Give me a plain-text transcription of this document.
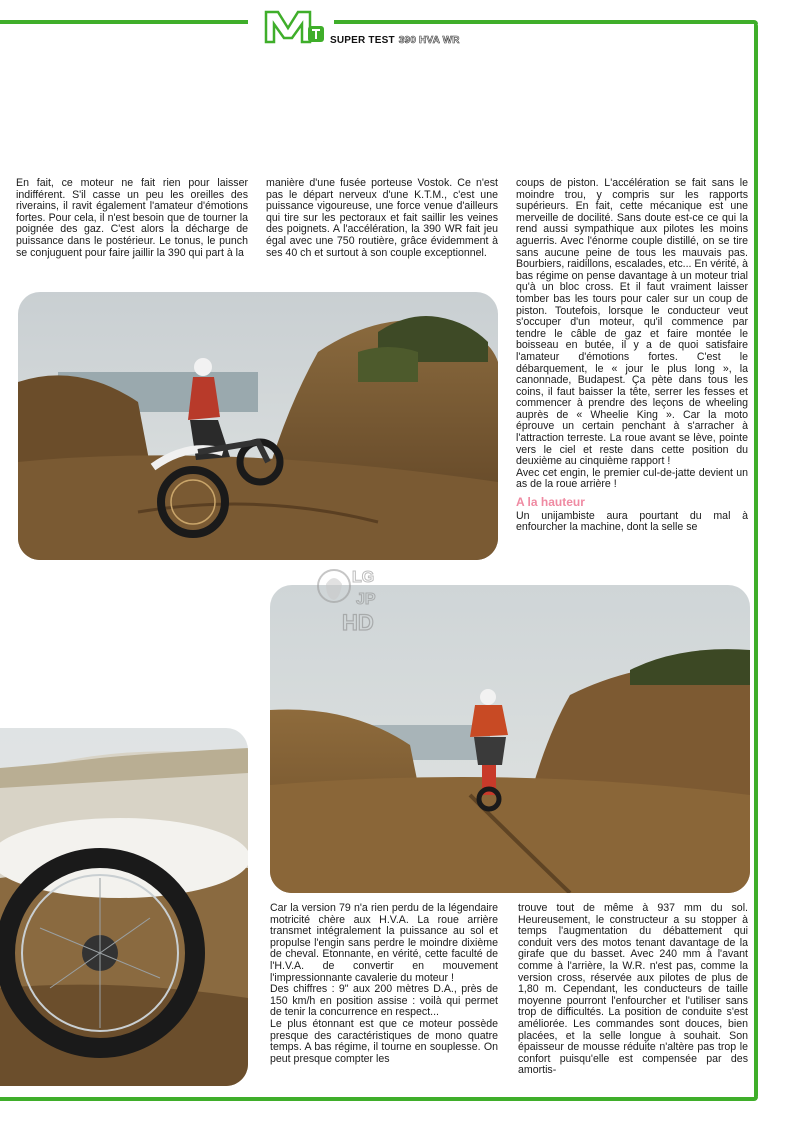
SUPER TEST 390 HVA WR

En fait, ce moteur ne fait rien pour laisser indifférent. S'il casse un peu les oreilles des riverains, il ravit également l'amateur d'émotions fortes. Pour cela, il n'est besoin que de tourner la poignée des gaz. C'est alors la décharge de puissance dans le postérieur. Le tonus, le punch se conjuguent pour faire jaillir la 390 qui part à la

manière d'une fusée porteuse Vostok. Ce n'est pas le départ nerveux d'une K.T.M., c'est une puissance vigoureuse, une force venue d'ailleurs qui tire sur les pectoraux et fait saillir les veines des poignets. A l'accélération, la 390 WR fait jeu égal avec une 750 routière, grâce évidemment à ses 40 ch et surtout à son couple exceptionnel.

coups de piston. L'accélération se fait sans le moindre trou, y compris sur les rapports supérieurs. En fait, cette mécanique est une merveille de docilité. Sans doute est-ce ce qui la rend aussi sympathique aux pilotes les moins aguerris. Avec l'énorme couple distillé, on se tire sans aucune peine de tous les mauvais pas. Bourbiers, raidillons, escalades, etc... En vérité, à bas régime on pense davantage à un moteur trial qu'à un bloc cross. Et il faut vraiment laisser tomber bas les tours pour caler sur un coup de piston. Toutefois, lorsque le conducteur veut s'occuper d'un moteur, qu'il commence par tendre le câble de gaz et faire montée le boisseau en butée, il y a de quoi satisfaire l'amateur d'émotions fortes. C'est le débarquement, le « jour le plus long », la canonnade, Budapest. Ça pète dans tous les coins, il faut baisser la tête, serrer les fesses et commencer à prendre des leçons de wheeling auprès de « Wheelie King ». Car la moto éprouve un certain penchant à s'arracher à l'attraction terreste. La roue avant se lève, pointe vers le ciel et reste dans cette position du deuxième au cinquième rapport !

Avec cet engin, le premier cul-de-jatte devient un as de la roue arrière !

A la hauteur

Un unijambiste aura pourtant du mal à enfourcher la machine, dont la selle se

Car la version 79 n'a rien perdu de la légendaire motricité chère aux H.V.A. La roue arrière transmet intégralement la puissance au sol et propulse l'engin sans perdre le moindre dixième de cheval. Etonnante, en vérité, cette faculté de l'H.V.A. de convertir en mouvement l'impressionnante cavalerie du moteur !

Des chiffres : 9" aux 200 mètres D.A., près de 150 km/h en position assise : voilà qui permet de tenir la concurrence en respect...

Le plus étonnant est que ce moteur possède presque des caractéristiques de mono quatre temps. A bas régime, il tourne en souplesse. On peut presque compter les

trouve tout de même à 937 mm du sol. Heureusement, le constructeur a su stopper à temps l'augmentation du débattement qui conduit vers des motos tenant davantage de la girafe que du basset. Avec 240 mm à l'avant comme à l'arrière, la W.R. n'est pas, comme la version cross, réservée aux pilotes de plus de 1,80 m. Cependant, les conducteurs de taille moyenne pourront l'enfourcher et l'utiliser sans trop de difficultés. La position de conduite s'est améliorée. Les commandes sont douces, bien placées, et la selle longue à souhait. Son épaisseur de mousse réduite n'altère pas trop le confort puisqu'elle est compensée par des amortis-

LG
JP
HD
